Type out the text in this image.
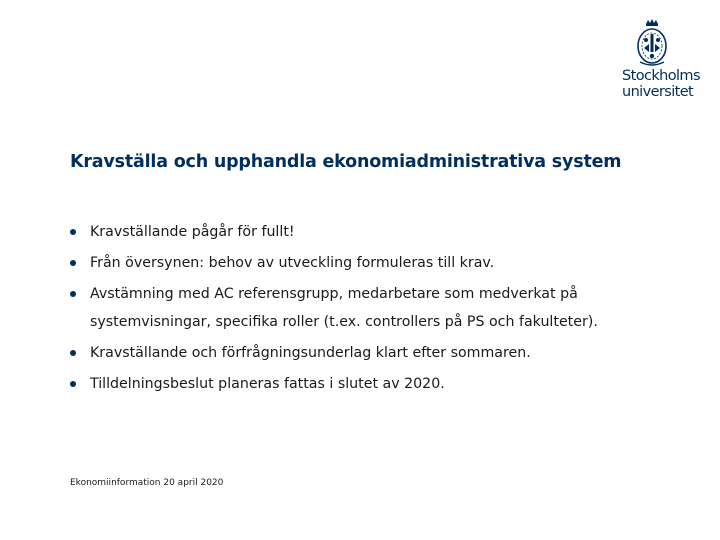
Stockholms
universitet
Kravställa och upphandla ekonomiadministrativa system
Kravställande pågår för fullt!
Från översynen: behov av utveckling formuleras till krav.
Avstämning med AC referensgrupp, medarbetare som medverkat på systemvisningar, specifika roller (t.ex. controllers på PS och fakulteter).
Kravställande och förfrågningsunderlag klart efter sommaren.
Tilldelningsbeslut planeras fattas i slutet av 2020.
Ekonomiinformation 20 april 2020
